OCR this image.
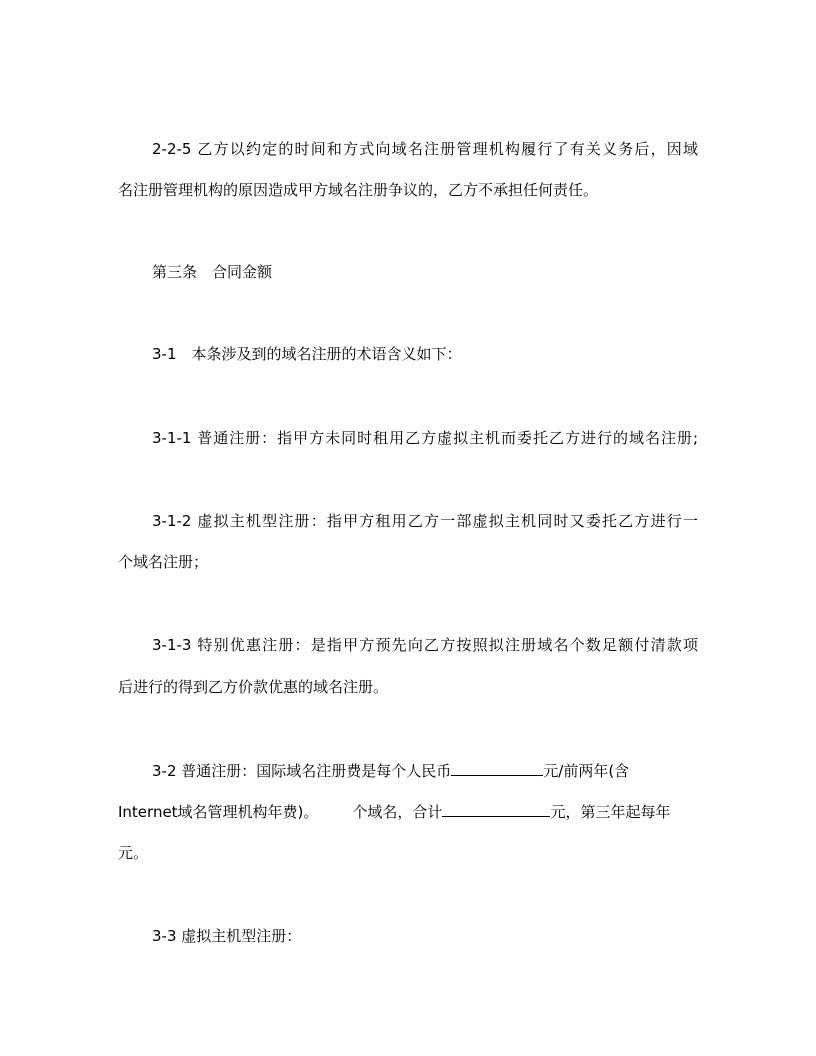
2-2-5 乙方以约定的时间和方式向域名注册管理机构履行了有关义务后，因域
名注册管理机构的原因造成甲方域名注册争议的，乙方不承担任何责任。
第三条　合同金额
3-1　本条涉及到的域名注册的术语含义如下：
3-1-1 普通注册：指甲方未同时租用乙方虚拟主机而委托乙方进行的域名注册;
3-1-2 虚拟主机型注册：指甲方租用乙方一部虚拟主机同时又委托乙方进行一
个域名注册；
3-1-3 特别优惠注册：是指甲方预先向乙方按照拟注册域名个数足额付清款项
后进行的得到乙方价款优惠的域名注册。
3-2 普通注册：国际域名注册费是每个人民币	元/前两年(含
Internet域名管理机构年费)。 个域名，合计	元，第三年起每年
元。
3-3 虚拟主机型注册：
